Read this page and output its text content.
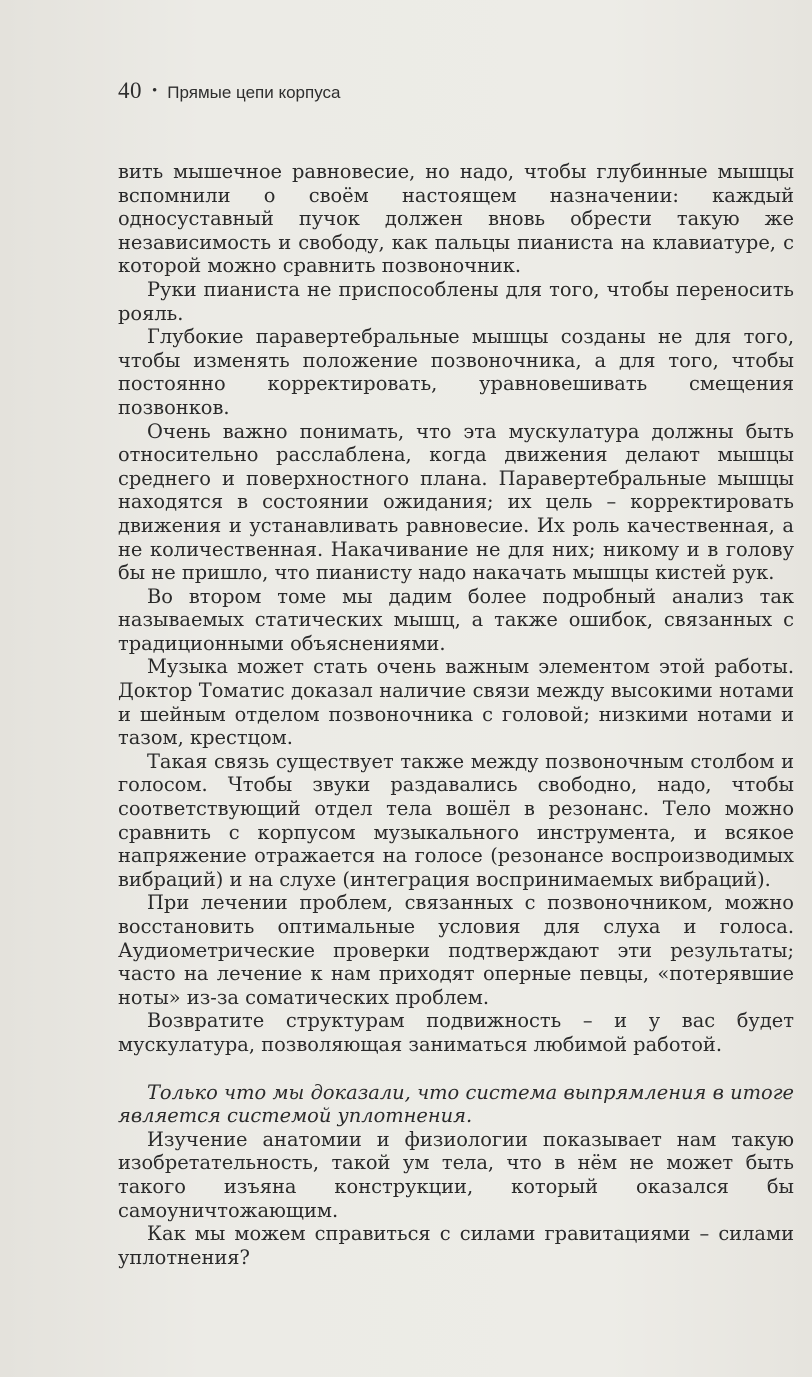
40 • Прямые цепи корпуса

вить мышечное равновесие, но надо, чтобы глубинные мышцы вспомнили о своём настоящем назначении: каждый односуставный пучок должен вновь обрести такую же независимость и свободу, как пальцы пианиста на клавиатуре, с которой можно сравнить позвоночник.

Руки пианиста не приспособлены для того, чтобы переносить рояль.

Глубокие паравертебральные мышцы созданы не для того, чтобы изменять положение позвоночника, а для того, чтобы постоянно корректировать, уравновешивать смещения позвонков.

Очень важно понимать, что эта мускулатура должны быть относительно расслаблена, когда движения делают мышцы среднего и поверхностного плана. Паравертебральные мышцы находятся в состоянии ожидания; их цель – корректировать движения и устанавливать равновесие. Их роль качественная, а не количественная. Накачивание не для них; никому и в голову бы не пришло, что пианисту надо накачать мышцы кистей рук.

Во втором томе мы дадим более подробный анализ так называемых статических мышц, а также ошибок, связанных с традиционными объяснениями.

Музыка может стать очень важным элементом этой работы. Доктор Томатис доказал наличие связи между высокими нотами и шейным отделом позвоночника с головой; низкими нотами и тазом, крестцом.

Такая связь существует также между позвоночным столбом и голосом. Чтобы звуки раздавались свободно, надо, чтобы соответствующий отдел тела вошёл в резонанс. Тело можно сравнить с корпусом музыкального инструмента, и всякое напряжение отражается на голосе (резонансе воспроизводимых вибраций) и на слухе (интеграция воспринимаемых вибраций).

При лечении проблем, связанных с позвоночником, можно восстановить оптимальные условия для слуха и голоса. Аудиометрические проверки подтверждают эти результаты; часто на лечение к нам приходят оперные певцы, «потерявшие ноты» из-за соматических проблем.

Возвратите структурам подвижность – и у вас будет мускулатура, позволяющая заниматься любимой работой.

Только что мы доказали, что система выпрямления в итоге является системой уплотнения.

Изучение анатомии и физиологии показывает нам такую изобретательность, такой ум тела, что в нём не может быть такого изъяна конструкции, который оказался бы самоуничтожающим.

Как мы можем справиться с силами гравитациями – силами уплотнения?
